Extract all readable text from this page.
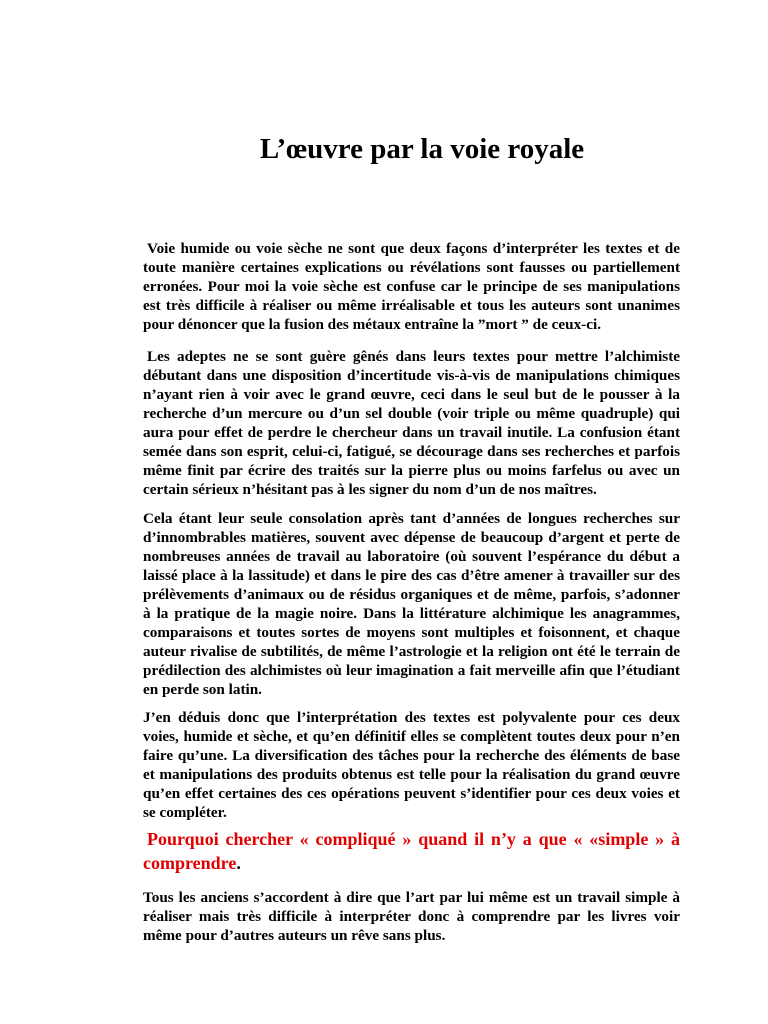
L’œuvre par la voie royale

Voie humide ou voie sèche ne sont que deux façons d’interpréter les textes et de toute manière certaines explications ou révélations sont fausses ou partiellement erronées. Pour moi la voie sèche est confuse car le principe de ses manipulations est très difficile à réaliser ou même irréalisable et tous les auteurs sont unanimes pour dénoncer que la fusion des métaux entraîne la ”mort ” de ceux-ci.

Les adeptes ne se sont guère gênés dans leurs textes pour mettre l’alchimiste débutant dans une disposition d’incertitude vis-à-vis de manipulations chimiques n’ayant rien à voir avec le grand œuvre, ceci dans le seul but de le pousser à la recherche d’un mercure ou d’un sel double (voir triple ou même quadruple) qui aura pour effet de perdre le chercheur dans un travail inutile. La confusion étant semée dans son esprit, celui-ci, fatigué, se décourage dans ses recherches et parfois même finit par écrire des traités sur la pierre plus ou moins farfelus ou avec un certain sérieux n’hésitant pas à les signer du nom d’un de nos maîtres.

Cela étant leur seule consolation après tant d’années de longues recherches sur d’innombrables matières, souvent avec dépense de beaucoup d’argent et perte de nombreuses années de travail au laboratoire (où souvent l’espérance du début a laissé place à la lassitude) et dans le pire des cas d’être amener à travailler sur des prélèvements d’animaux ou de résidus organiques et de même, parfois, s’adonner à la pratique de la magie noire. Dans la littérature alchimique les anagrammes, comparaisons et toutes sortes de moyens sont multiples et foisonnent, et chaque auteur rivalise de subtilités, de même l’astrologie et la religion ont été le terrain de prédilection des alchimistes où leur imagination a fait merveille afin que l’étudiant en perde son latin.

J’en déduis donc que l’interprétation des textes est polyvalente pour ces deux voies, humide et sèche, et qu’en définitif elles se complètent toutes deux pour n’en faire qu’une. La diversification des tâches pour la recherche des éléments de base et manipulations des produits obtenus est telle pour la réalisation du grand œuvre qu’en effet certaines des ces opérations peuvent s’identifier pour ces deux voies et se compléter.

Pourquoi chercher « compliqué » quand il n’y a que « «simple » à comprendre.

Tous les anciens s’accordent à dire que l’art par lui même est un travail simple à réaliser mais très difficile à interpréter donc à comprendre par les livres voir même pour d’autres auteurs un rêve sans plus.
